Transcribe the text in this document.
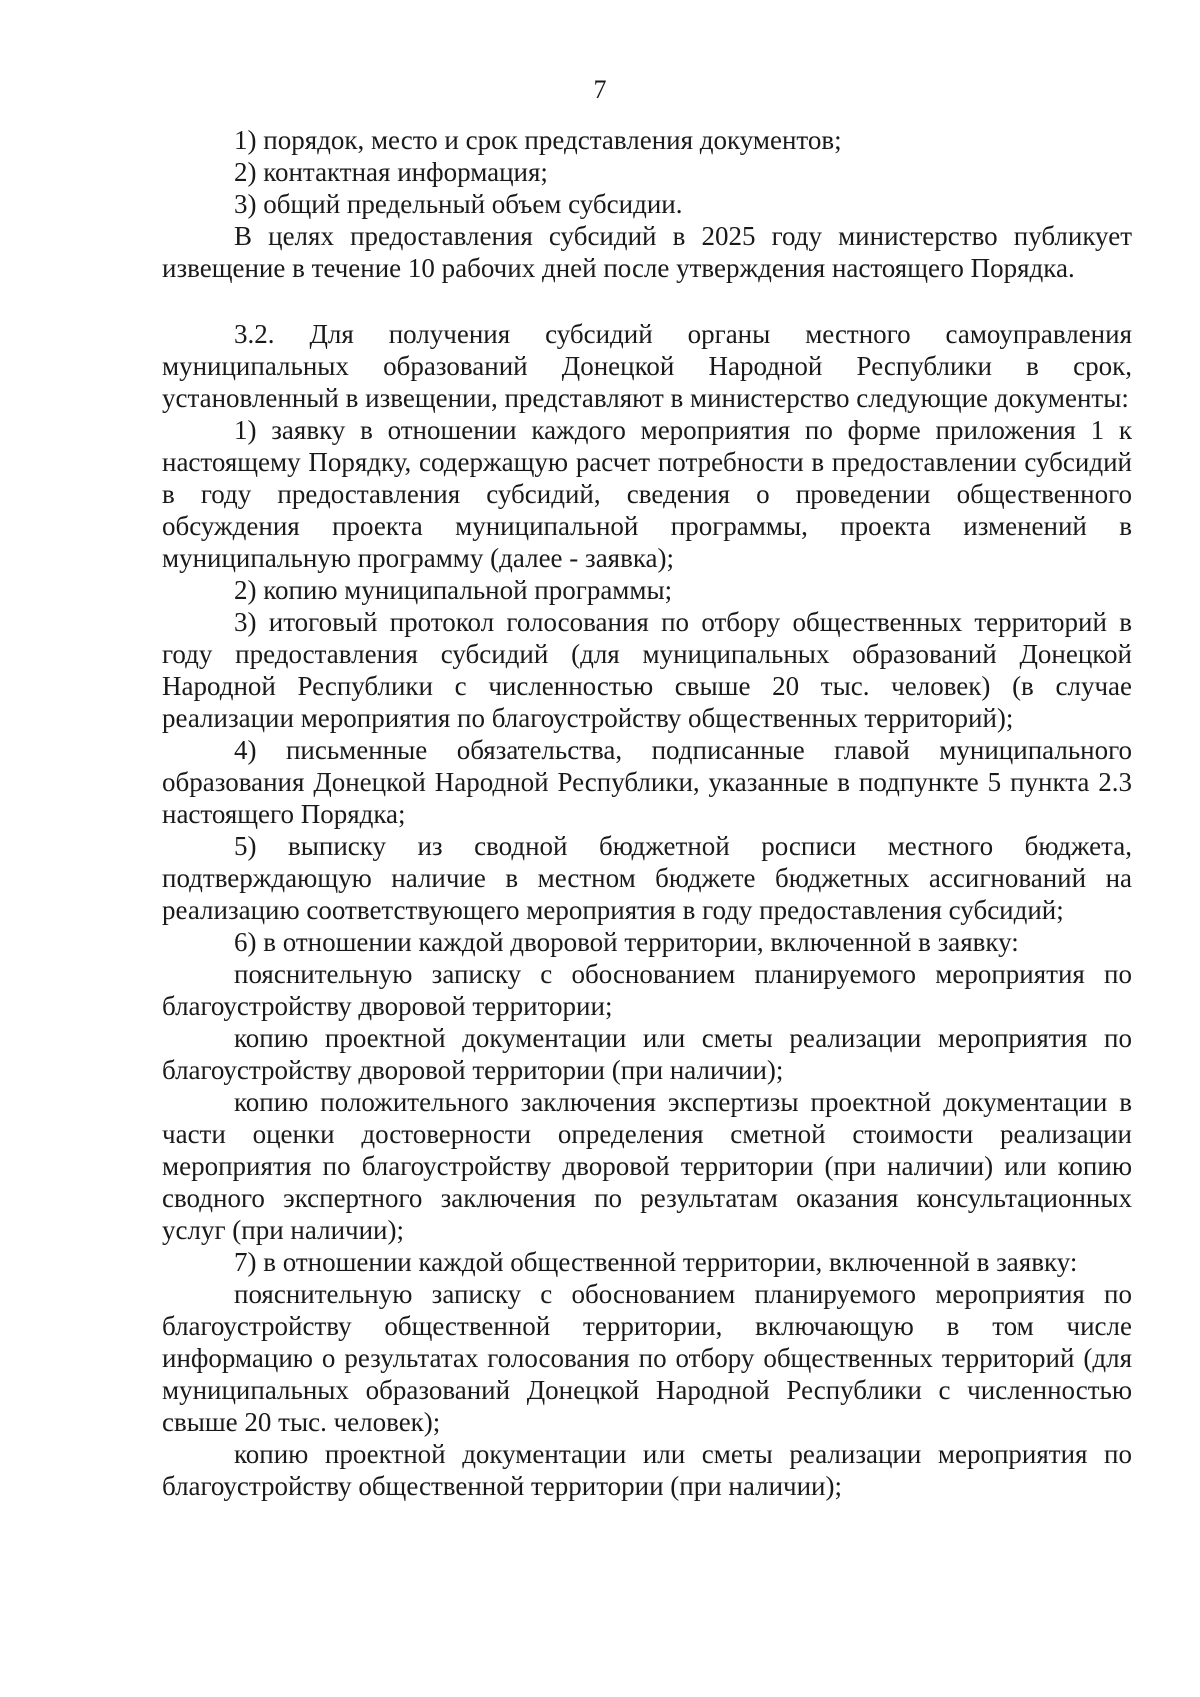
7

1) порядок, место и срок представления документов;

2) контактная информация;

3) общий предельный объем субсидии.

В целях предоставления субсидий в 2025 году министерство публикует извещение в течение 10 рабочих дней после утверждения настоящего Порядка.

3.2. Для получения субсидий органы местного самоуправления муниципальных образований Донецкой Народной Республики в срок, установленный в извещении, представляют в министерство следующие документы:

1) заявку в отношении каждого мероприятия по форме приложения 1 к настоящему Порядку, содержащую расчет потребности в предоставлении субсидий в году предоставления субсидий, сведения о проведении общественного обсуждения проекта муниципальной программы, проекта изменений в муниципальную программу (далее - заявка);

2) копию муниципальной программы;

3) итоговый протокол голосования по отбору общественных территорий в году предоставления субсидий (для муниципальных образований Донецкой Народной Республики с численностью свыше 20 тыс. человек) (в случае реализации мероприятия по благоустройству общественных территорий);

4) письменные обязательства, подписанные главой муниципального образования Донецкой Народной Республики, указанные в подпункте 5 пункта 2.3 настоящего Порядка;

5) выписку из сводной бюджетной росписи местного бюджета, подтверждающую наличие в местном бюджете бюджетных ассигнований на реализацию соответствующего мероприятия в году предоставления субсидий;

6) в отношении каждой дворовой территории, включенной в заявку:

пояснительную записку с обоснованием планируемого мероприятия по благоустройству дворовой территории;

копию проектной документации или сметы реализации мероприятия по благоустройству дворовой территории (при наличии);

копию положительного заключения экспертизы проектной документации в части оценки достоверности определения сметной стоимости реализации мероприятия по благоустройству дворовой территории (при наличии) или копию сводного экспертного заключения по результатам оказания консультационных услуг (при наличии);

7) в отношении каждой общественной территории, включенной в заявку:

пояснительную записку с обоснованием планируемого мероприятия по благоустройству общественной территории, включающую в том числе информацию о результатах голосования по отбору общественных территорий (для муниципальных образований Донецкой Народной Республики с численностью свыше 20 тыс. человек);

копию проектной документации или сметы реализации мероприятия по благоустройству общественной территории (при наличии);
